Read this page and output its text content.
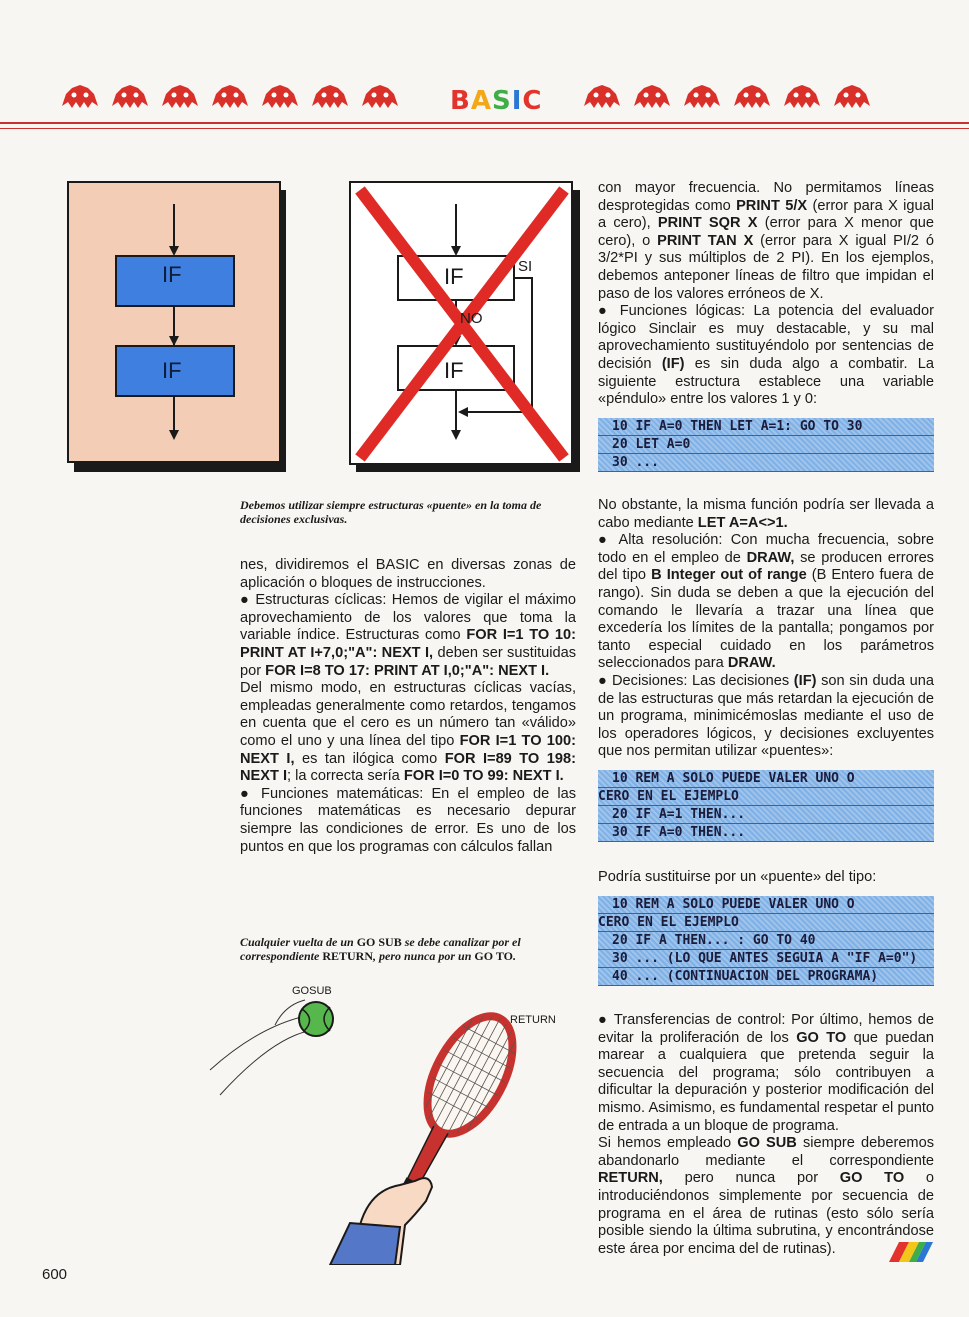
BASIC
IF
IF
IF
IF
SI
NO
Debemos utilizar siempre estructuras «puente» en la toma de decisiones exclusivas.

nes, dividiremos el BASIC en diversas zonas de aplicación o bloques de instrucciones.

● Estructuras cíclicas: Hemos de vigilar el máximo aprovechamiento de los valores que toma la variable índice. Estructuras como FOR I=1 TO 10: PRINT AT I+7,0;"A": NEXT I, deben ser sustituidas por FOR I=8 TO 17: PRINT AT I,0;"A": NEXT I.

Del mismo modo, en estructuras cíclicas vacías, empleadas generalmente como retardos, tengamos en cuenta que el cero es un número tan «válido» como el uno y una línea del tipo FOR I=1 TO 100: NEXT I, es tan ilógica como FOR I=89 TO 198: NEXT I; la correcta sería FOR I=0 TO 99: NEXT I.

● Funciones matemáticas: En el empleo de las funciones matemáticas es necesario depurar siempre las condiciones de error. Es uno de los puntos en que los programas con cálculos fallan

Cualquier vuelta de un GO SUB se debe canalizar por el correspondiente RETURN, pero nunca por un GO TO.
GOSUB
RETURN

con mayor frecuencia. No permitamos líneas desprotegidas como PRINT 5/X (error para X igual a cero), PRINT SQR X (error para X menor que cero), o PRINT TAN X (error para X igual PI/2 ó 3/2*PI y sus múltiplos de 2 PI). En los ejemplos, debemos anteponer líneas de filtro que impidan el paso de los valores erróneos de X.

● Funciones lógicas: La potencia del evaluador lógico Sinclair es muy destacable, y su mal aprovechamiento sustituyéndolo por sentencias de decisión (IF) es sin duda algo a combatir. La siguiente estructura establece una variable «péndulo» entre los valores 1 y 0:

10 IF A=0 THEN LET A=1: GO TO 30
20 LET A=0
30 ...

No obstante, la misma función podría ser llevada a cabo mediante LET A=A<>1.

● Alta resolución: Con mucha frecuencia, sobre todo en el empleo de DRAW, se producen errores del tipo B Integer out of range (B Entero fuera de rango). Sin duda se deben a que la ejecución del comando le llevaría a trazar una línea que excedería los límites de la pantalla; pongamos por tanto especial cuidado en los parámetros seleccionados para DRAW.

● Decisiones: Las decisiones (IF) son sin duda una de las estructuras que más retardan la ejecución de un programa, minimicémoslas mediante el uso de los operadores lógicos, y decisiones excluyentes que nos permitan utilizar «puentes»:

10 REM A SOLO PUEDE VALER UNO O
CERO EN EL EJEMPLO
20 IF A=1 THEN...
30 IF A=0 THEN...

Podría sustituirse por un «puente» del tipo:

10 REM A SOLO PUEDE VALER UNO O
CERO EN EL EJEMPLO
20 IF A THEN... : GO TO 40
30 ... (LO QUE ANTES SEGUIA A "IF A=0")
40 ... (CONTINUACION DEL PROGRAMA)

● Transferencias de control: Por último, hemos de evitar la proliferación de los GO TO que puedan marear a cualquiera que pretenda seguir la secuencia del programa; sólo contribuyen a dificultar la depuración y posterior modificación del mismo. Asimismo, es fundamental respetar el punto de entrada a un bloque de programa.

Si hemos empleado GO SUB siempre deberemos abandonarlo mediante el correspondiente RETURN, pero nunca por GO TO o introduciéndonos simplemente por secuencia de programa en el área de rutinas (esto sólo sería posible siendo la última subrutina, y encontrándose este área por encima del de rutinas).

600
